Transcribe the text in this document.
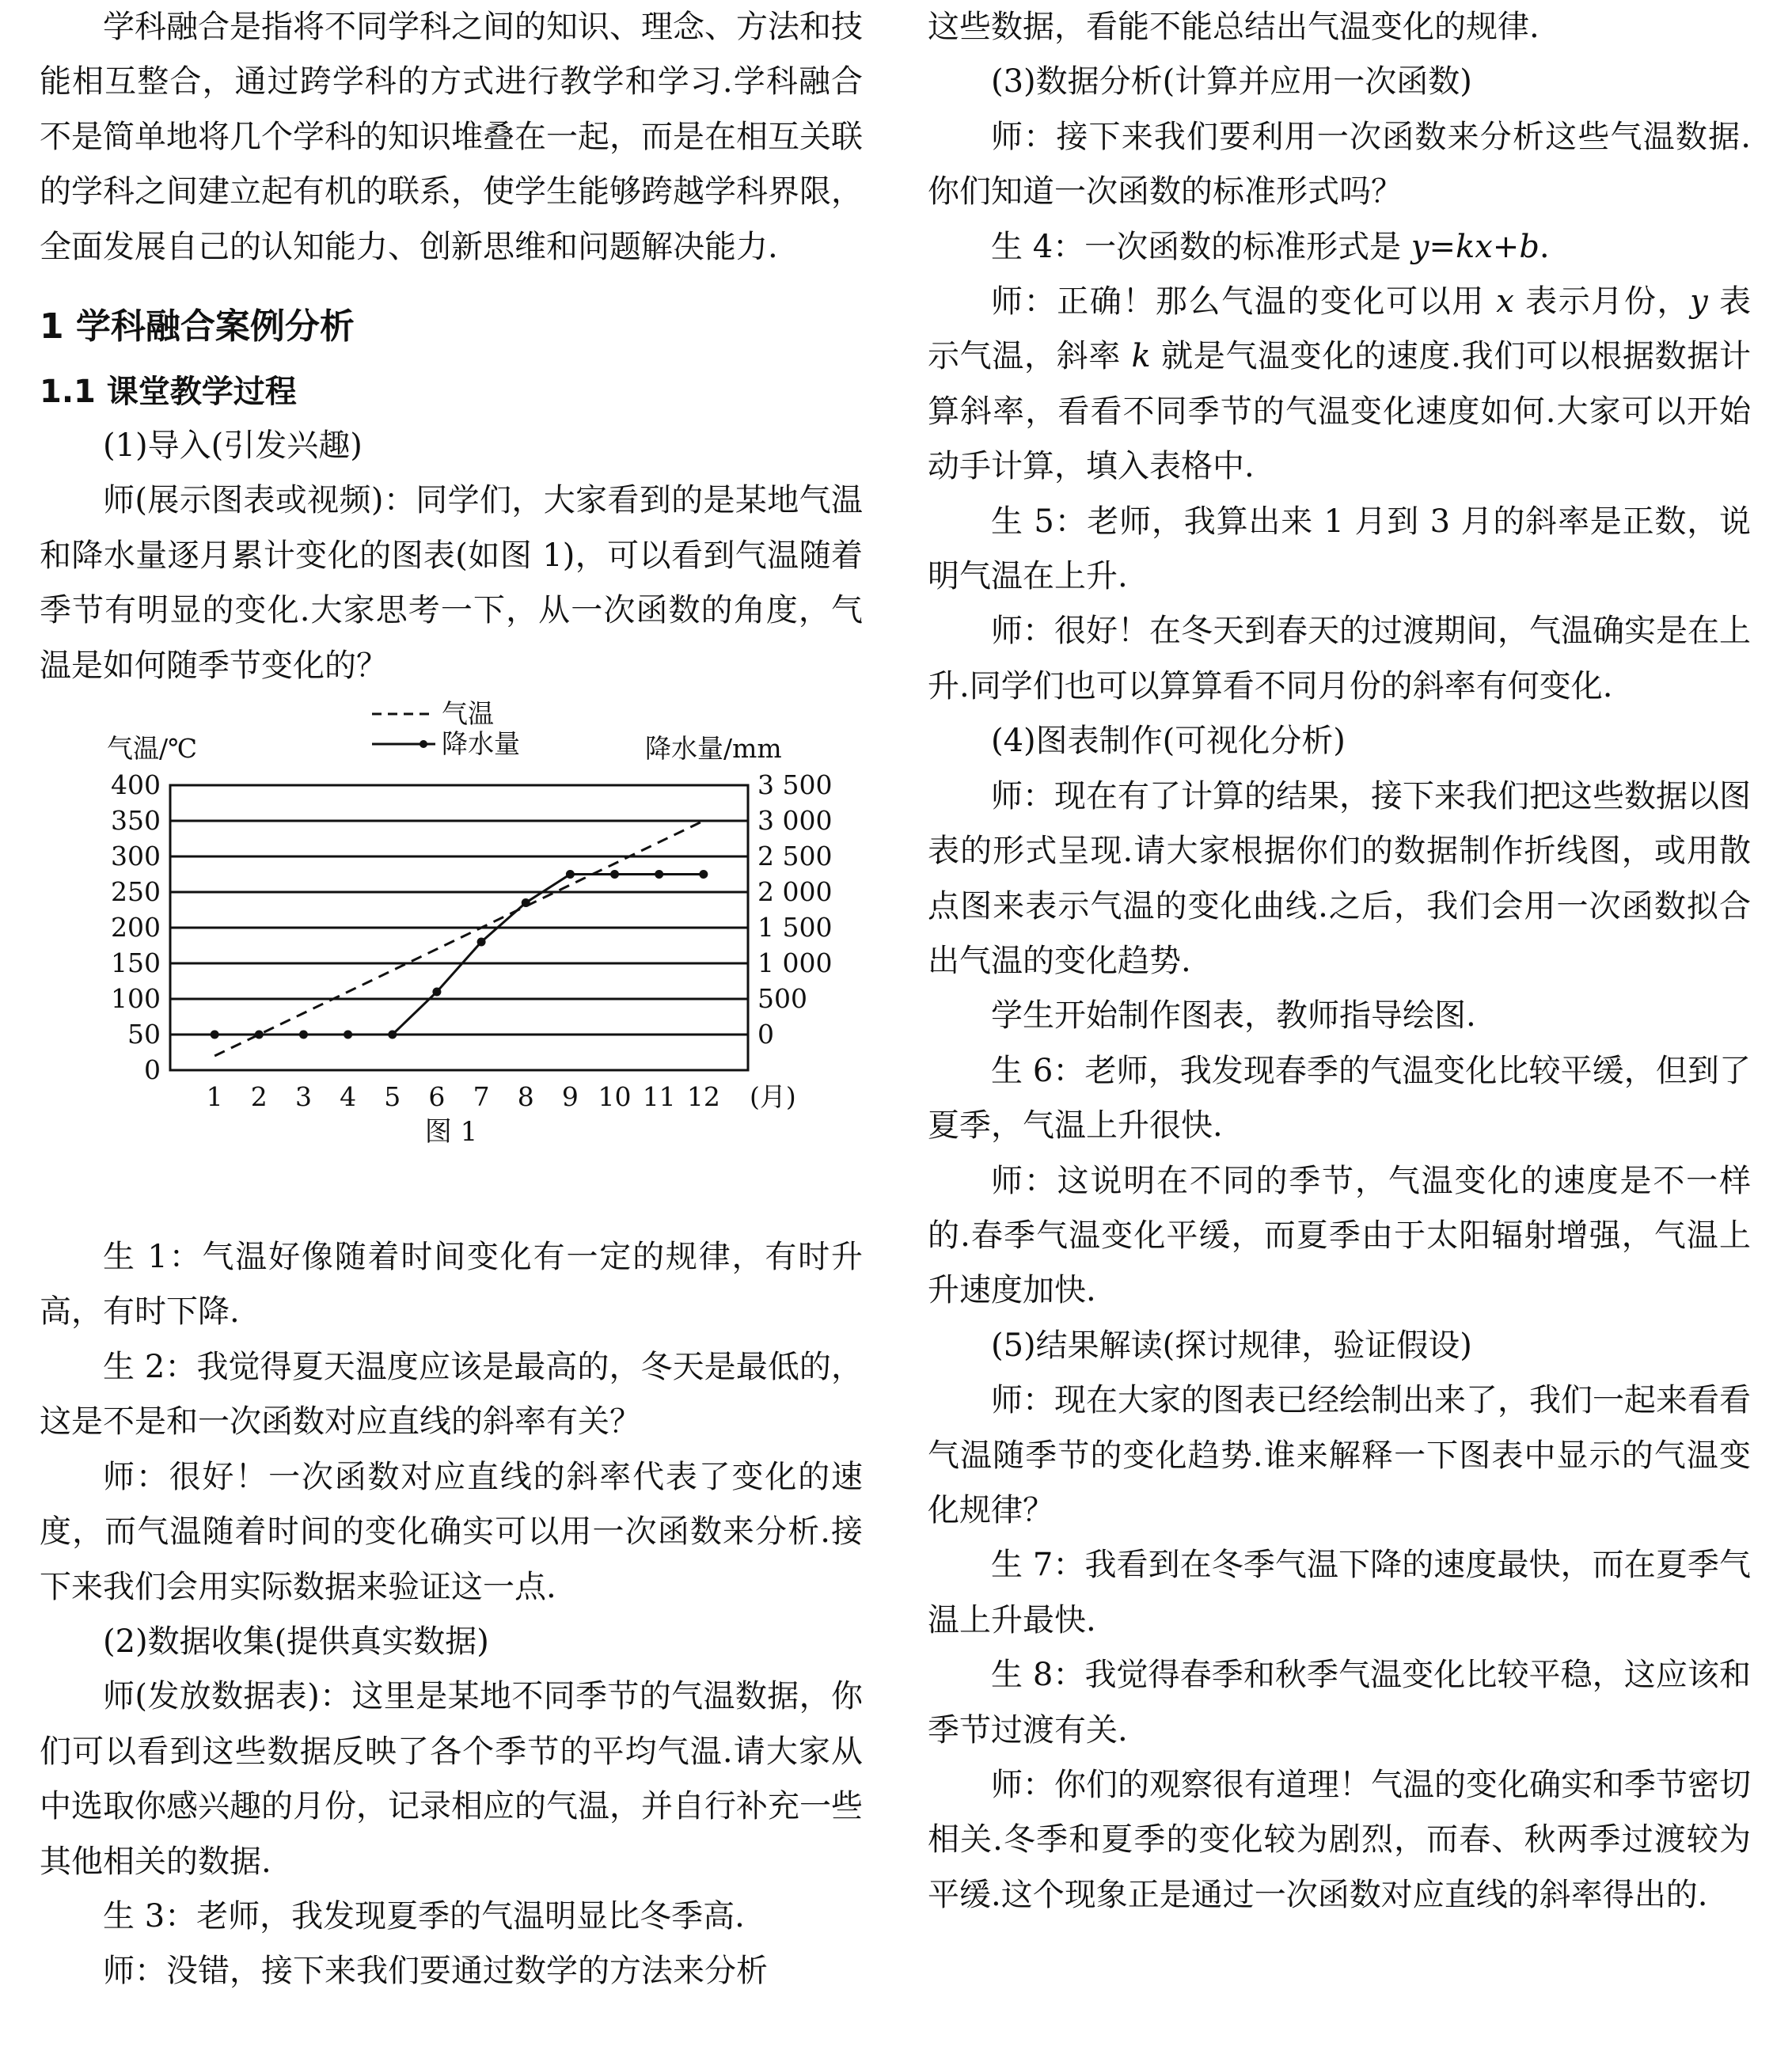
学科融合是指将不同学科之间的知识、理念、方法和技能相互整合，通过跨学科的方式进行教学和学习.学科融合不是简单地将几个学科的知识堆叠在一起，而是在相互关联的学科之间建立起有机的联系，使学生能够跨越学科界限，全面发展自己的认知能力、创新思维和问题解决能力.

1 学科融合案例分析
1.1 课堂教学过程

(1)导入(引发兴趣)

师(展示图表或视频)：同学们，大家看到的是某地气温和降水量逐月累计变化的图表(如图 1)，可以看到气温随着季节有明显的变化.大家思考一下，从一次函数的角度，气温是如何随季节变化的？

0
50
100
150
200
250
300
350
400
0
500
1 000
1 500
2 000
2 500
3 000
3 500
1 2 3 4 5 6 7 8 9 10 11 12 (月)
气温
降水量
气温/℃	降水量/mm
图 1

生 1：气温好像随着时间变化有一定的规律，有时升高，有时下降.

生 2：我觉得夏天温度应该是最高的，冬天是最低的，这是不是和一次函数对应直线的斜率有关？

师：很好！一次函数对应直线的斜率代表了变化的速度，而气温随着时间的变化确实可以用一次函数来分析.接下来我们会用实际数据来验证这一点.

(2)数据收集(提供真实数据)

师(发放数据表)：这里是某地不同季节的气温数据，你们可以看到这些数据反映了各个季节的平均气温.请大家从中选取你感兴趣的月份，记录相应的气温，并自行补充一些其他相关的数据.

生 3：老师，我发现夏季的气温明显比冬季高.

师：没错，接下来我们要通过数学的方法来分析

这些数据，看能不能总结出气温变化的规律.

(3)数据分析(计算并应用一次函数)

师：接下来我们要利用一次函数来分析这些气温数据.你们知道一次函数的标准形式吗？

生 4：一次函数的标准形式是 y=kx+b.

师：正确！那么气温的变化可以用 x 表示月份，y 表示气温，斜率 k 就是气温变化的速度.我们可以根据数据计算斜率，看看不同季节的气温变化速度如何.大家可以开始动手计算，填入表格中.

生 5：老师，我算出来 1 月到 3 月的斜率是正数，说明气温在上升.

师：很好！在冬天到春天的过渡期间，气温确实是在上升.同学们也可以算算看不同月份的斜率有何变化.

(4)图表制作(可视化分析)

师：现在有了计算的结果，接下来我们把这些数据以图表的形式呈现.请大家根据你们的数据制作折线图，或用散点图来表示气温的变化曲线.之后，我们会用一次函数拟合出气温的变化趋势.

学生开始制作图表，教师指导绘图.

生 6：老师，我发现春季的气温变化比较平缓，但到了夏季，气温上升很快.

师：这说明在不同的季节，气温变化的速度是不一样的.春季气温变化平缓，而夏季由于太阳辐射增强，气温上升速度加快.

(5)结果解读(探讨规律，验证假设)

师：现在大家的图表已经绘制出来了，我们一起来看看气温随季节的变化趋势.谁来解释一下图表中显示的气温变化规律？

生 7：我看到在冬季气温下降的速度最快，而在夏季气温上升最快.

生 8：我觉得春季和秋季气温变化比较平稳，这应该和季节过渡有关.

师：你们的观察很有道理！气温的变化确实和季节密切相关.冬季和夏季的变化较为剧烈，而春、秋两季过渡较为平缓.这个现象正是通过一次函数对应直线的斜率得出的.
